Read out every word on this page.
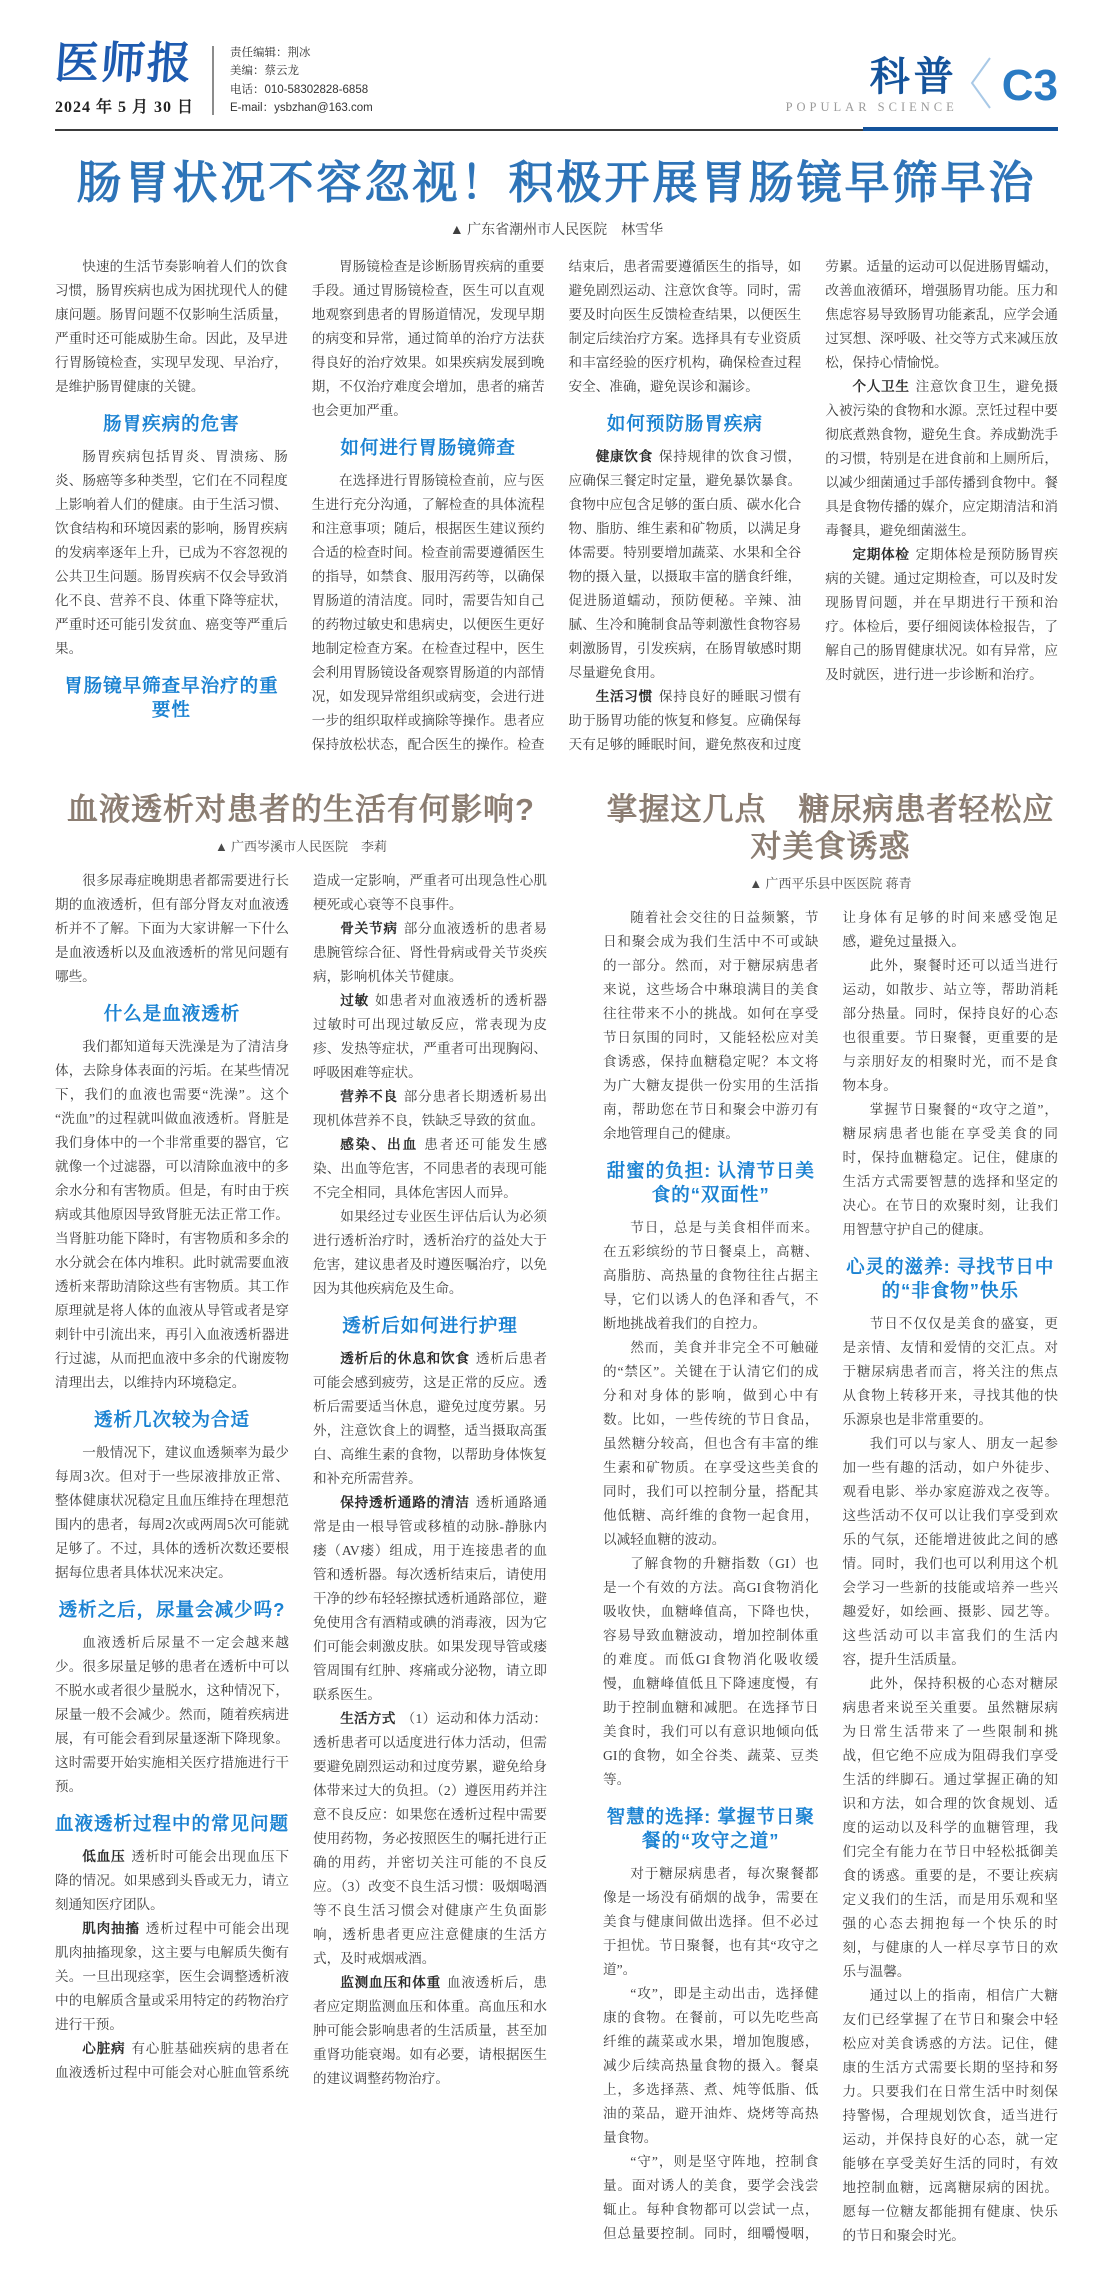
医师报
2024 年 5 月 30 日
责任编辑：荆冰
美编：蔡云龙
电话：010-58302828-6858
E-mail：ysbzhan@163.com
科普
POPULAR SCIENCE C3
肠胃状况不容忽视！积极开展胃肠镜早筛早治
▲ 广东省潮州市人民医院　林雪华

快速的生活节奏影响着人们的饮食习惯，肠胃疾病也成为困扰现代人的健康问题。肠胃问题不仅影响生活质量，严重时还可能威胁生命。因此，及早进行胃肠镜检查，实现早发现、早治疗，是维护肠胃健康的关键。

肠胃疾病的危害

肠胃疾病包括胃炎、胃溃疡、肠炎、肠癌等多种类型，它们在不同程度上影响着人们的健康。由于生活习惯、饮食结构和环境因素的影响，肠胃疾病的发病率逐年上升，已成为不容忽视的公共卫生问题。肠胃疾病不仅会导致消化不良、营养不良、体重下降等症状，严重时还可能引发贫血、癌变等严重后果。

胃肠镜早筛查早治疗的重要性

胃肠镜检查是诊断肠胃疾病的重要手段。通过胃肠镜检查，医生可以直观地观察到患者的胃肠道情况，发现早期的病变和异常，通过简单的治疗方法获得良好的治疗效果。如果疾病发展到晚期，不仅治疗难度会增加，患者的痛苦也会更加严重。

如何进行胃肠镜筛查

在选择进行胃肠镜检查前，应与医生进行充分沟通，了解检查的具体流程和注意事项；随后，根据医生建议预约合适的检查时间。检查前需要遵循医生的指导，如禁食、服用泻药等，以确保胃肠道的清洁度。同时，需要告知自己的药物过敏史和患病史，以便医生更好地制定检查方案。在检查过程中，医生会利用胃肠镜设备观察胃肠道的内部情况，如发现异常组织或病变，会进行进一步的组织取样或摘除等操作。患者应保持放松状态，配合医生的操作。检查结束后，患者需要遵循医生的指导，如避免剧烈运动、注意饮食等。同时，需要及时向医生反馈检查结果，以便医生制定后续治疗方案。选择具有专业资质和丰富经验的医疗机构，确保检查过程安全、准确，避免误诊和漏诊。

如何预防肠胃疾病

健康饮食 保持规律的饮食习惯，应确保三餐定时定量，避免暴饮暴食。食物中应包含足够的蛋白质、碳水化合物、脂肪、维生素和矿物质，以满足身体需要。特别要增加蔬菜、水果和全谷物的摄入量，以摄取丰富的膳食纤维，促进肠道蠕动，预防便秘。辛辣、油腻、生冷和腌制食品等刺激性食物容易刺激肠胃，引发疾病，在肠胃敏感时期尽量避免食用。

生活习惯 保持良好的睡眠习惯有助于肠胃功能的恢复和修复。应确保每天有足够的睡眠时间，避免熬夜和过度劳累。适量的运动可以促进肠胃蠕动，改善血液循环，增强肠胃功能。压力和焦虑容易导致肠胃功能紊乱，应学会通过冥想、深呼吸、社交等方式来减压放松，保持心情愉悦。

个人卫生 注意饮食卫生，避免摄入被污染的食物和水源。烹饪过程中要彻底煮熟食物，避免生食。养成勤洗手的习惯，特别是在进食前和上厕所后，以减少细菌通过手部传播到食物中。餐具是食物传播的媒介，应定期清洁和消毒餐具，避免细菌滋生。

定期体检 定期体检是预防肠胃疾病的关键。通过定期检查，可以及时发现肠胃问题，并在早期进行干预和治疗。体检后，要仔细阅读体检报告，了解自己的肠胃健康状况。如有异常，应及时就医，进行进一步诊断和治疗。

血液透析对患者的生活有何影响?
▲ 广西岑溪市人民医院　李莉

很多尿毒症晚期患者都需要进行长期的血液透析，但有部分肾友对血液透析并不了解。下面为大家讲解一下什么是血液透析以及血液透析的常见问题有哪些。

什么是血液透析

我们都知道每天洗澡是为了清洁身体，去除身体表面的污垢。在某些情况下，我们的血液也需要“洗澡”。这个“洗血”的过程就叫做血液透析。肾脏是我们身体中的一个非常重要的器官，它就像一个过滤器，可以清除血液中的多余水分和有害物质。但是，有时由于疾病或其他原因导致肾脏无法正常工作。当肾脏功能下降时，有害物质和多余的水分就会在体内堆积。此时就需要血液透析来帮助清除这些有害物质。其工作原理就是将人体的血液从导管或者是穿刺针中引流出来，再引入血液透析器进行过滤，从而把血液中多余的代谢废物清理出去，以维持内环境稳定。

透析几次较为合适

一般情况下，建议血透频率为最少每周3次。但对于一些尿液排放正常、整体健康状况稳定且血压维持在理想范围内的患者，每周2次或两周5次可能就足够了。不过，具体的透析次数还要根据每位患者具体状况来决定。

透析之后，尿量会减少吗?

血液透析后尿量不一定会越来越少。很多尿量足够的患者在透析中可以不脱水或者很少量脱水，这种情况下，尿量一般不会减少。然而，随着疾病进展，有可能会看到尿量逐渐下降现象。这时需要开始实施相关医疗措施进行干预。

血液透析过程中的常见问题

低血压 透析时可能会出现血压下降的情况。如果感到头昏或无力，请立刻通知医疗团队。

肌肉抽搐 透析过程中可能会出现肌肉抽搐现象，这主要与电解质失衡有关。一旦出现痉挛，医生会调整透析液中的电解质含量或采用特定的药物治疗进行干预。

心脏病 有心脏基础疾病的患者在血液透析过程中可能会对心脏血管系统造成一定影响，严重者可出现急性心肌梗死或心衰等不良事件。

骨关节病 部分血液透析的患者易患腕管综合征、肾性骨病或骨关节炎疾病，影响机体关节健康。

过敏 如患者对血液透析的透析器过敏时可出现过敏反应，常表现为皮疹、发热等症状，严重者可出现胸闷、呼吸困难等症状。

营养不良 部分患者长期透析易出现机体营养不良，铁缺乏导致的贫血。

感染、出血 患者还可能发生感染、出血等危害，不同患者的表现可能不完全相同，具体危害因人而异。

如果经过专业医生评估后认为必须进行透析治疗时，透析治疗的益处大于危害，建议患者及时遵医嘱治疗，以免因为其他疾病危及生命。

透析后如何进行护理

透析后的休息和饮食 透析后患者可能会感到疲劳，这是正常的反应。透析后需要适当休息，避免过度劳累。另外，注意饮食上的调整，适当摄取高蛋白、高维生素的食物，以帮助身体恢复和补充所需营养。

保持透析通路的清洁 透析通路通常是由一根导管或移植的动脉-静脉内瘘（AV瘘）组成，用于连接患者的血管和透析器。每次透析结束后，请使用干净的纱布轻轻擦拭透析通路部位，避免使用含有酒精或碘的消毒液，因为它们可能会刺激皮肤。如果发现导管或瘘管周围有红肿、疼痛或分泌物，请立即联系医生。

生活方式 （1）运动和体力活动：透析患者可以适度进行体力活动，但需要避免剧烈运动和过度劳累，避免给身体带来过大的负担。（2）遵医用药并注意不良反应：如果您在透析过程中需要使用药物，务必按照医生的嘱托进行正确的用药，并密切关注可能的不良反应。（3）改变不良生活习惯：吸烟喝酒等不良生活习惯会对健康产生负面影响，透析患者更应注意健康的生活方式，及时戒烟戒酒。

监测血压和体重 血液透析后，患者应定期监测血压和体重。高血压和水肿可能会影响患者的生活质量，甚至加重肾功能衰竭。如有必要，请根据医生的建议调整药物治疗。

掌握这几点　糖尿病患者轻松应对美食诱惑
▲ 广西平乐县中医医院 蒋青

随着社会交往的日益频繁，节日和聚会成为我们生活中不可或缺的一部分。然而，对于糖尿病患者来说，这些场合中琳琅满目的美食往往带来不小的挑战。如何在享受节日氛围的同时，又能轻松应对美食诱惑，保持血糖稳定呢？本文将为广大糖友提供一份实用的生活指南，帮助您在节日和聚会中游刃有余地管理自己的健康。

甜蜜的负担: 认清节日美食的“双面性”

节日，总是与美食相伴而来。在五彩缤纷的节日餐桌上，高糖、高脂肪、高热量的食物往往占据主导，它们以诱人的色泽和香气，不断地挑战着我们的自控力。

然而，美食并非完全不可触碰的“禁区”。关键在于认清它们的成分和对身体的影响，做到心中有数。比如，一些传统的节日食品，虽然糖分较高，但也含有丰富的维生素和矿物质。在享受这些美食的同时，我们可以控制分量，搭配其他低糖、高纤维的食物一起食用，以减轻血糖的波动。

了解食物的升糖指数（GI）也是一个有效的方法。高GI食物消化吸收快，血糖峰值高，下降也快，容易导致血糖波动，增加控制体重的难度。而低GI食物消化吸收缓慢，血糖峰值低且下降速度慢，有助于控制血糖和减肥。在选择节日美食时，我们可以有意识地倾向低GI的食物，如全谷类、蔬菜、豆类等。

智慧的选择: 掌握节日聚餐的“攻守之道”

对于糖尿病患者，每次聚餐都像是一场没有硝烟的战争，需要在美食与健康间做出选择。但不必过于担忧。节日聚餐，也有其“攻守之道”。

“攻”，即是主动出击，选择健康的食物。在餐前，可以先吃些高纤维的蔬菜或水果，增加饱腹感，减少后续高热量食物的摄入。餐桌上，多选择蒸、煮、炖等低脂、低油的菜品，避开油炸、烧烤等高热量食物。

“守”，则是坚守阵地，控制食量。面对诱人的美食，要学会浅尝辄止。每种食物都可以尝试一点，但总量要控制。同时，细嚼慢咽，让身体有足够的时间来感受饱足感，避免过量摄入。

此外，聚餐时还可以适当进行运动，如散步、站立等，帮助消耗部分热量。同时，保持良好的心态也很重要。节日聚餐，更重要的是与亲朋好友的相聚时光，而不是食物本身。

掌握节日聚餐的“攻守之道”，糖尿病患者也能在享受美食的同时，保持血糖稳定。记住，健康的生活方式需要智慧的选择和坚定的决心。在节日的欢聚时刻，让我们用智慧守护自己的健康。

心灵的滋养: 寻找节日中的“非食物”快乐

节日不仅仅是美食的盛宴，更是亲情、友情和爱情的交汇点。对于糖尿病患者而言，将关注的焦点从食物上转移开来，寻找其他的快乐源泉也是非常重要的。

我们可以与家人、朋友一起参加一些有趣的活动，如户外徒步、观看电影、举办家庭游戏之夜等。这些活动不仅可以让我们享受到欢乐的气氛，还能增进彼此之间的感情。同时，我们也可以利用这个机会学习一些新的技能或培养一些兴趣爱好，如绘画、摄影、园艺等。这些活动可以丰富我们的生活内容，提升生活质量。

此外，保持积极的心态对糖尿病患者来说至关重要。虽然糖尿病为日常生活带来了一些限制和挑战，但它绝不应成为阻碍我们享受生活的绊脚石。通过掌握正确的知识和方法，如合理的饮食规划、适度的运动以及科学的血糖管理，我们完全有能力在节日中轻松抵御美食的诱惑。重要的是，不要让疾病定义我们的生活，而是用乐观和坚强的心态去拥抱每一个快乐的时刻，与健康的人一样尽享节日的欢乐与温馨。

通过以上的指南，相信广大糖友们已经掌握了在节日和聚会中轻松应对美食诱惑的方法。记住，健康的生活方式需要长期的坚持和努力。只要我们在日常生活中时刻保持警惕，合理规划饮食，适当进行运动，并保持良好的心态，就一定能够在享受美好生活的同时，有效地控制血糖，远离糖尿病的困扰。愿每一位糖友都能拥有健康、快乐的节日和聚会时光。
